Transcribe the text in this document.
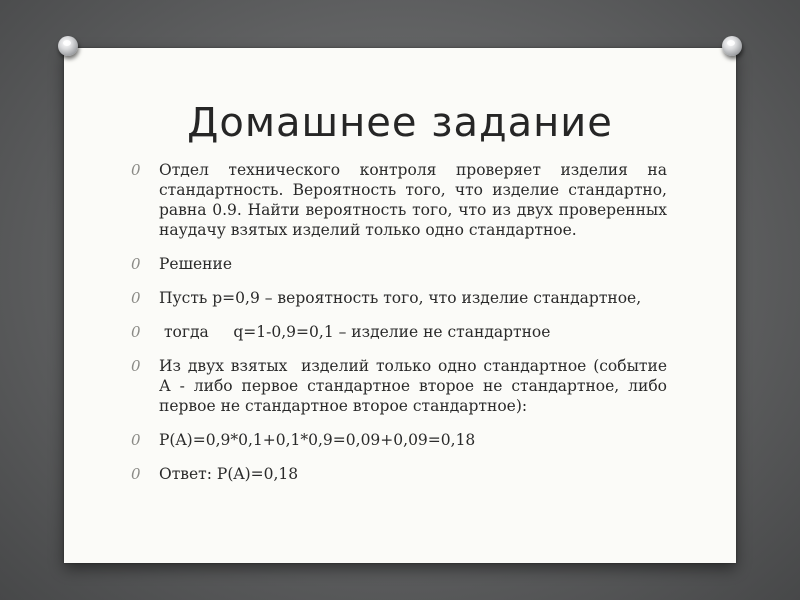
Домашнее задание
0 Отдел технического контроля проверяет изделия на стандартность. Вероятность того, что изделие стандартно, равна 0.9. Найти вероятность того, что из двух проверенных наудачу взятых изделий только одно стандартное.
0 Решение
0 Пусть p=0,9 – вероятность того, что изделие стандартное,
0 тогда     q=1-0,9=0,1 – изделие не стандартное
0 Из двух взятых  изделий только одно стандартное (событие А - либо первое стандартное второе не стандартное, либо первое не стандартное второе стандартное):
0 P(A)=0,9*0,1+0,1*0,9=0,09+0,09=0,18
0 Ответ: P(A)=0,18
